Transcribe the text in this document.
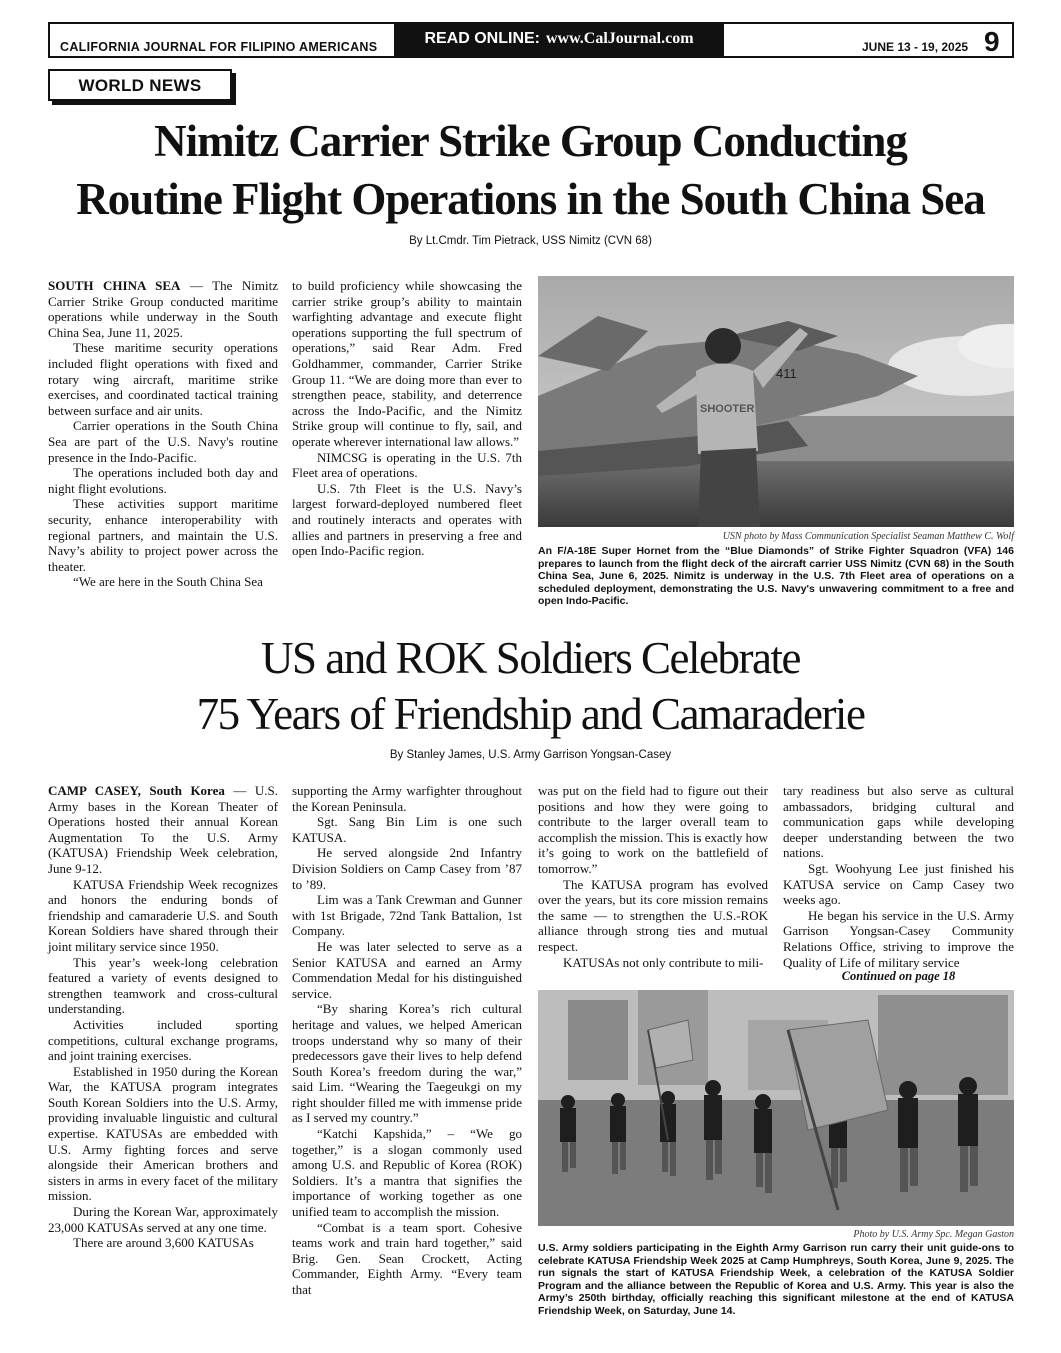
CALIFORNIA JOURNAL FOR FILIPINO AMERICANS	READ ONLINE: www.CalJournal.com	JUNE 13 - 19, 2025 9
WORLD NEWS
Nimitz Carrier Strike Group Conducting
Routine Flight Operations in the South China Sea
By Lt.Cmdr. Tim Pietrack, USS Nimitz (CVN 68)

SOUTH CHINA SEA — The Nimitz Carrier Strike Group conducted maritime operations while underway in the South China Sea, June 11, 2025.

These maritime security operations included flight operations with fixed and rotary wing aircraft, maritime strike exercises, and coordinated tactical training between surface and air units.

Carrier operations in the South China Sea are part of the U.S. Navy's routine presence in the Indo-Pacific.

The operations included both day and night flight evolutions.

These activities support maritime security, enhance interoperability with regional partners, and maintain the U.S. Navy’s ability to project power across the theater.

“We are here in the South China Sea

to build proficiency while showcasing the carrier strike group’s ability to maintain warfighting advantage and execute flight operations supporting the full spectrum of operations,” said Rear Adm. Fred Goldhammer, commander, Carrier Strike Group 11. “We are doing more than ever to strengthen peace, stability, and deterrence across the Indo-Pacific, and the Nimitz Strike group will continue to fly, sail, and operate wherever international law allows.”

NIMCSG is operating in the U.S. 7th Fleet area of operations.

U.S. 7th Fleet is the U.S. Navy’s largest forward-deployed numbered fleet and routinely interacts and operates with allies and partners in preserving a free and open Indo-Pacific region.

411
SHOOTER
USN photo by Mass Communication Specialist Seaman Matthew C. Wolf
An F/A-18E Super Hornet from the “Blue Diamonds” of Strike Fighter Squadron (VFA) 146 prepares to launch from the flight deck of the aircraft carrier USS Nimitz (CVN 68) in the South China Sea, June 6, 2025. Nimitz is underway in the U.S. 7th Fleet area of operations on a scheduled deployment, demonstrating the U.S. Navy's unwavering commitment to a free and open Indo-Pacific.
US and ROK Soldiers Celebrate
75 Years of Friendship and Camaraderie
By Stanley James, U.S. Army Garrison Yongsan-Casey

CAMP CASEY, South Korea — U.S. Army bases in the Korean Theater of Operations hosted their annual Korean Augmentation To the U.S. Army (KATUSA) Friendship Week celebration, June 9-12.

KATUSA Friendship Week recognizes and honors the enduring bonds of friendship and camaraderie U.S. and South Korean Soldiers have shared through their joint military service since 1950.

This year’s week-long celebration featured a variety of events designed to strengthen teamwork and cross-cultural understanding.

Activities included sporting competitions, cultural exchange programs, and joint training exercises.

Established in 1950 during the Korean War, the KATUSA program integrates South Korean Soldiers into the U.S. Army, providing invaluable linguistic and cultural expertise. KATUSAs are embedded with U.S. Army fighting forces and serve alongside their American brothers and sisters in arms in every facet of the military mission.

During the Korean War, approximately 23,000 KATUSAs served at any one time.

There are around 3,600 KATUSAs

supporting the Army warfighter throughout the Korean Peninsula.

Sgt. Sang Bin Lim is one such KATUSA.

He served alongside 2nd Infantry Division Soldiers on Camp Casey from ’87 to ’89.

Lim was a Tank Crewman and Gunner with 1st Brigade, 72nd Tank Battalion, 1st Company.

He was later selected to serve as a Senior KATUSA and earned an Army Commendation Medal for his distinguished service.

“By sharing Korea’s rich cultural heritage and values, we helped American troops understand why so many of their predecessors gave their lives to help defend South Korea’s freedom during the war,” said Lim. “Wearing the Taegeukgi on my right shoulder filled me with immense pride as I served my country.”

“Katchi Kapshida,” – “We go together,” is a slogan commonly used among U.S. and Republic of Korea (ROK) Soldiers. It’s a mantra that signifies the importance of working together as one unified team to accomplish the mission.

“Combat is a team sport. Cohesive teams work and train hard together,” said Brig. Gen. Sean Crockett, Acting Commander, Eighth Army. “Every team that

was put on the field had to figure out their positions and how they were going to contribute to the larger overall team to accomplish the mission. This is exactly how it’s going to work on the battlefield of tomorrow.”

The KATUSA program has evolved over the years, but its core mission remains the same — to strengthen the U.S.-ROK alliance through strong ties and mutual respect.

KATUSAs not only contribute to mili-

tary readiness but also serve as cultural ambassadors, bridging cultural and communication gaps while developing deeper understanding between the two nations.

Sgt. Woohyung Lee just finished his KATUSA service on Camp Casey two weeks ago.

He began his service in the U.S. Army Garrison Yongsan-Casey Community Relations Office, striving to improve the Quality of Life of military service

Continued on page 18
Photo by U.S. Army Spc. Megan Gaston
U.S. Army soldiers participating in the Eighth Army Garrison run carry their unit guide-ons to celebrate KATUSA Friendship Week 2025 at Camp Humphreys, South Korea, June 9, 2025. The run signals the start of KATUSA Friendship Week, a celebration of the KATUSA Soldier Program and the alliance between the Republic of Korea and U.S. Army. This year is also the Army’s 250th birthday, officially reaching this significant milestone at the end of KATUSA Friendship Week, on Saturday, June 14.
